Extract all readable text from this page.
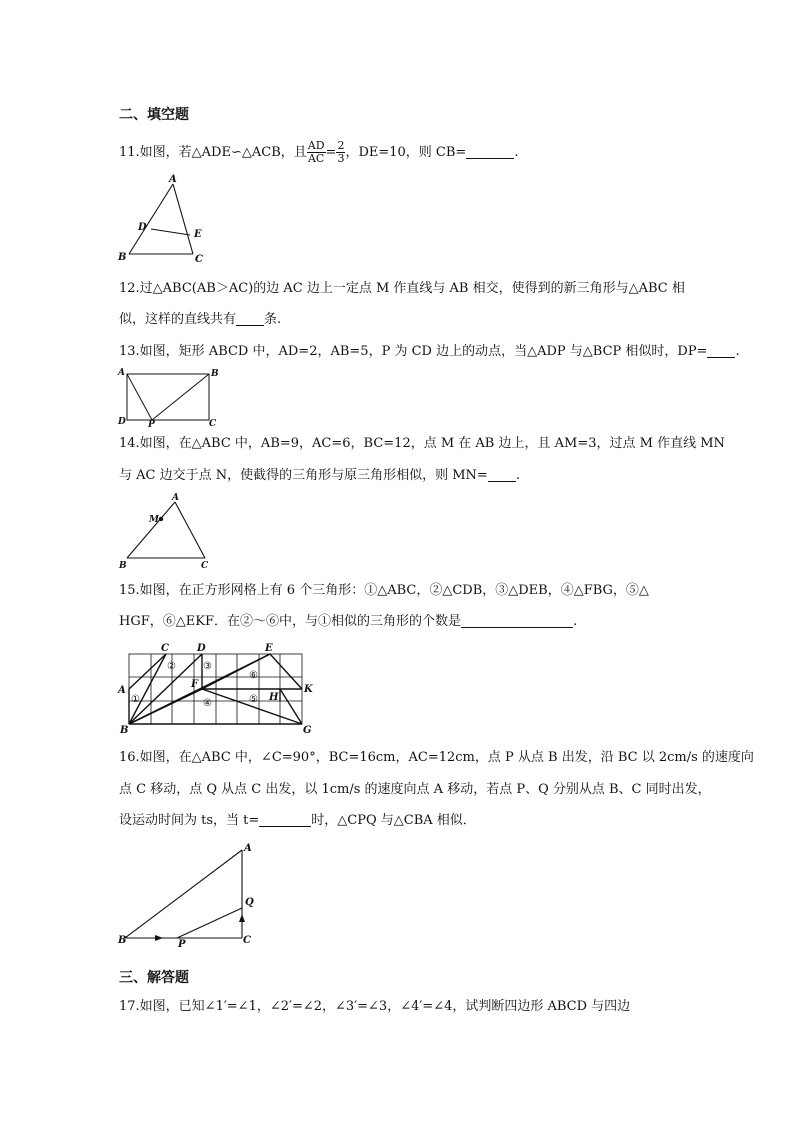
二、填空题
11.如图，若△ADE∽△ACB，且 $\frac{AD}{AC} = \frac{2}{3}$ ，DE=10，则 CB=	.
A
B	C
D
E
12.过△ABC(AB＞AC)的边 AC 边上一定点 M 作直线与 AB 相交，使得到的新三角形与△ABC 相
似，这样的直线共有 条.
13.如图，矩形 ABCD 中，AD=2，AB=5，P 为 CD 边上的动点，当△ADP 与△BCP 相似时，DP= .
A	B
D	C
P
14.如图，在△ABC 中，AB=9，AC=6，BC=12，点 M 在 AB 边上，且 AM=3，过点 M 作直线 MN
与 AC 边交于点 N，使截得的三角形与原三角形相似，则 MN= .
A
M
B	C
15.如图，在正方形网格上有 6 个三角形：①△ABC，②△CDB，③△DEB，④△FBG，⑤△
HGF，⑥△EKF．在②～⑥中，与①相似的三角形的个数是	.
C	D	E
A
F
H
K
B	G
①
②	③
④	⑤
⑥
16.如图，在△ABC 中，∠C=90°，BC=16cm，AC=12cm，点 P 从点 B 出发，沿 BC 以 2cm/s 的速度向
点 C 移动，点 Q 从点 C 出发，以 1cm/s 的速度向点 A 移动，若点 P、Q 分别从点 B、C 同时出发，
设运动时间为 ts，当 t=	时，△CPQ 与△CBA 相似．
A
Q
B	P	C
三、解答题
17.如图，已知∠1′=∠1，∠2′=∠2，∠3′=∠3，∠4′=∠4，试判断四边形 ABCD 与四边
